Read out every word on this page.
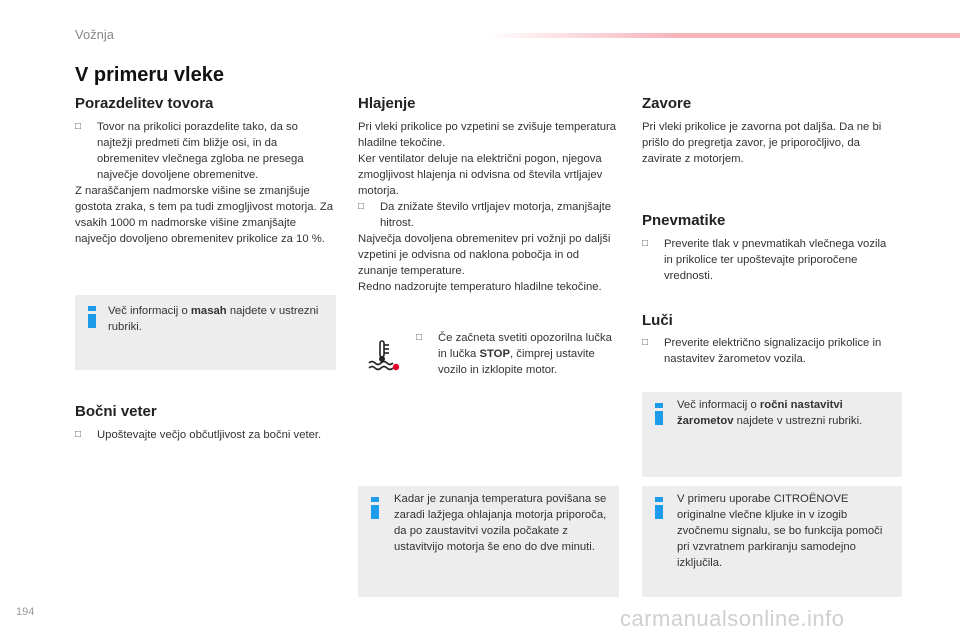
Vožnja
V primeru vleke
Porazdelitev tovora
□	Tovor na prikolici porazdelite tako, da so najtežji predmeti čim bližje osi, in da obremenitev vlečnega zgloba ne presega največje dovoljene obremenitve.
Z naraščanjem nadmorske višine se zmanjšuje gostota zraka, s tem pa tudi zmogljivost motorja. Za vsakih 1000 m nadmorske višine zmanjšajte največjo dovoljeno obremenitev prikolice za 10 %.
Več informacij o masah najdete v ustrezni rubriki.
Bočni veter
□	Upoštevajte večjo občutljivost za bočni veter.
Hlajenje
Pri vleki prikolice po vzpetini se zvišuje temperatura hladilne tekočine.
Ker ventilator deluje na električni pogon, njegova zmogljivost hlajenja ni odvisna od števila vrtljajev motorja.
□	Da znižate število vrtljajev motorja, zmanjšajte hitrost.
Največja dovoljena obremenitev pri vožnji po daljši vzpetini je odvisna od naklona pobočja in od zunanje temperature.
Redno nadzorujte temperaturo hladilne tekočine.
□	Če začneta svetiti opozorilna lučka in lučka STOP, čimprej ustavite vozilo in izklopite motor.
Kadar je zunanja temperatura povišana se zaradi lažjega ohlajanja motorja priporoča, da po zaustavitvi vozila počakate z ustavitvijo motorja še eno do dve minuti.
Zavore
Pri vleki prikolice je zavorna pot daljša. Da ne bi prišlo do pregretja zavor, je priporočljivo, da zavirate z motorjem.
Pnevmatike
□	Preverite tlak v pnevmatikah vlečnega vozila in prikolice ter upoštevajte priporočene vrednosti.
Luči
□	Preverite električno signalizacijo prikolice in nastavitev žarometov vozila.
Več informacij o ročni nastavitvi žarometov najdete v ustrezni rubriki.
V primeru uporabe CITROËNOVE originalne vlečne kljuke in v izogib zvočnemu signalu, se bo funkcija pomoči pri vzvratnem parkiranju samodejno izključila.
194	carmanualsonline.info
